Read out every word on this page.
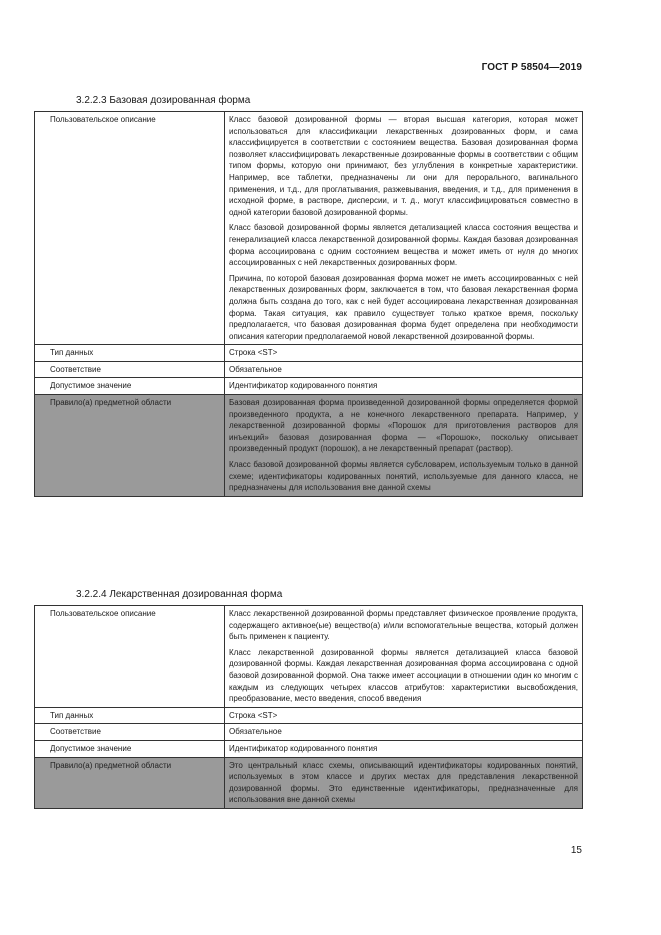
ГОСТ Р 58504—2019
3.2.2.3 Базовая дозированная форма
Пользовательское описание	Класс базовой дозированной формы — вторая высшая категория, которая может использоваться для классификации лекарственных дозированных форм, и сама классифицируется в соответствии с состоянием вещества. Базовая дозированная форма позволяет классифицировать лекарственные дозированные формы в соответствии с общим типом формы, которую они принимают, без углубления в конкретные характеристики. Например, все таблетки, предназначены ли они для перорального, вагинального применения, и т.д., для проглатывания, разжевывания, введения, и т.д., для применения в исходной форме, в растворе, дисперсии, и т. д., могут классифицироваться совместно в одной категории базовой дозированной формы.

Класс базовой дозированной формы является детализацией класса состояния вещества и генерализацией класса лекарственной дозированной формы. Каждая базовая дозированная форма ассоциирована с одним состоянием вещества и может иметь от нуля до многих ассоциированных с ней лекарственных дозированных форм.

Причина, по которой базовая дозированная форма может не иметь ассоциированных с ней лекарственных дозированных форм, заключается в том, что базовая лекарственная форма должна быть создана до того, как с ней будет ассоциирована лекарственная дозированная форма. Такая ситуация, как правило существует только краткое время, поскольку предполагается, что базовая дозированная форма будет определена при необходимости описания категории предполагаемой новой лекарственной дозированной формы.

Тип данных	Строка <ST>

Соответствие	Обязательное

Допустимое значение	Идентификатор кодированного понятия

Правило(а) предметной области	Базовая дозированная форма произведенной дозированной формы определяется формой произведенного продукта, а не конечного лекарственного препарата. Например, у лекарственной дозированной формы «Порошок для приготовления растворов для инъекций» базовая дозированная форма — «Порошок», поскольку описывает произведенный продукт (порошок), а не лекарственный препарат (раствор).

Класс базовой дозированной формы является субсловарем, используемым только в данной схеме; идентификаторы кодированных понятий, используемые для данного класса, не предназначены для использования вне данной схемы

3.2.2.4 Лекарственная дозированная форма
Пользовательское описание	Класс лекарственной дозированной формы представляет физическое проявление продукта, содержащего активное(ые) вещество(а) и/или вспомогательные вещества, который должен быть применен к пациенту.

Класс лекарственной дозированной формы является детализацией класса базовой дозированной формы. Каждая лекарственная дозированная форма ассоциирована с одной базовой дозированной формой. Она также имеет ассоциации в отношении один ко многим с каждым из следующих четырех классов атрибутов: характеристики высвобождения, преобразование, место введения, способ введения

Тип данных	Строка <ST>

Соответствие	Обязательное

Допустимое значение	Идентификатор кодированного понятия

Правило(а) предметной области	Это центральный класс схемы, описывающий идентификаторы кодированных понятий, используемых в этом классе и других местах для представления лекарственной дозированной формы. Это единственные идентификаторы, предназначенные для использования вне данной схемы

15
